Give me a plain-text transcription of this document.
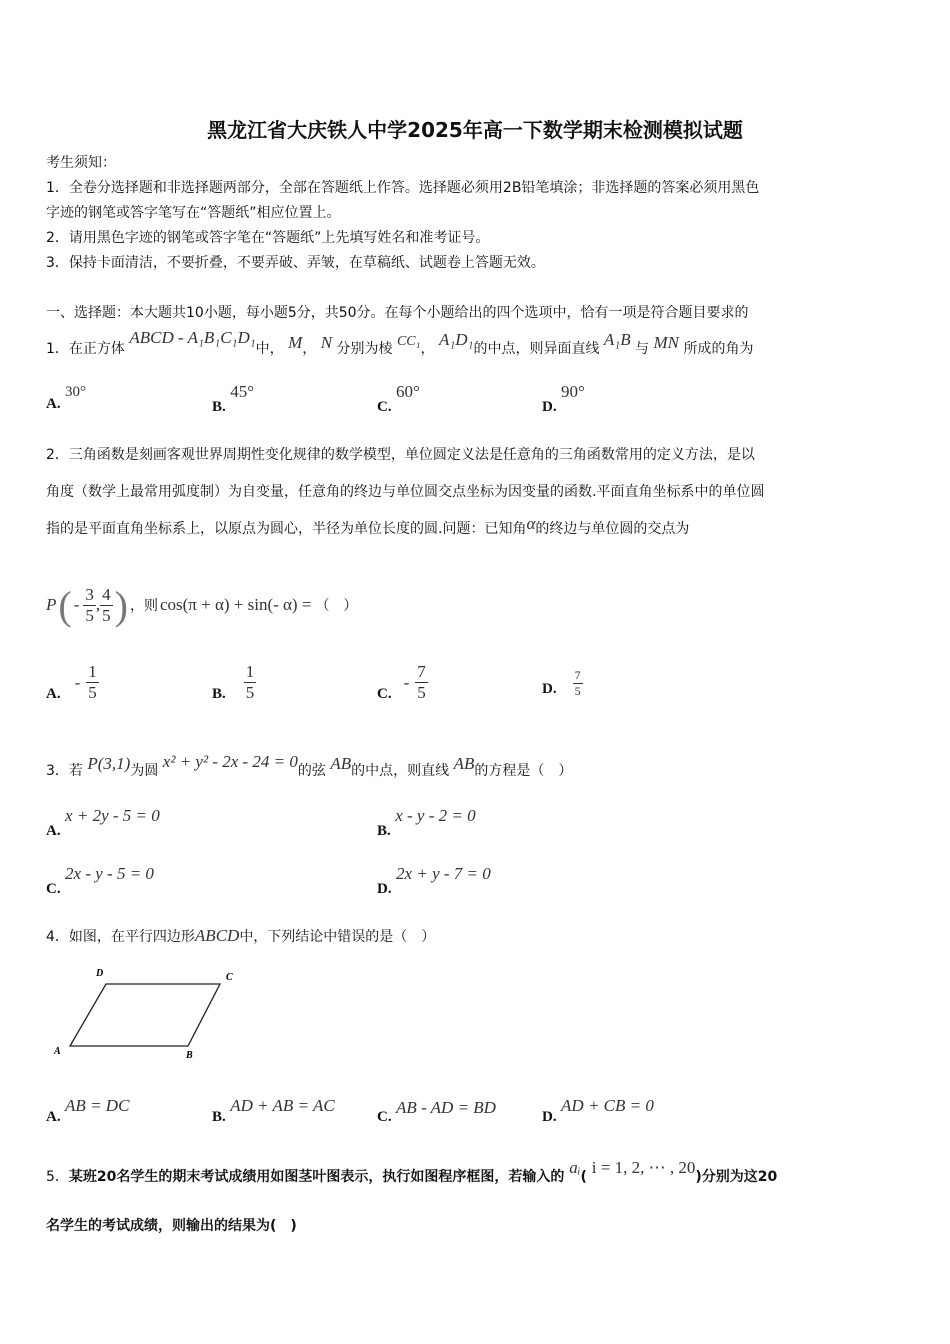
黑龙江省大庆铁人中学2025年高一下数学期末检测模拟试题
考生须知：
1．全卷分选择题和非选择题两部分，全部在答题纸上作答。选择题必须用2B铅笔填涂；非选择题的答案必须用黑色
字迹的钢笔或答字笔写在“答题纸”相应位置上。
2．请用黑色字迹的钢笔或答字笔在“答题纸”上先填写姓名和准考证号。
3．保持卡面清洁，不要折叠，不要弄破、弄皱，在草稿纸、试题卷上答题无效。
一、选择题：本大题共10小题，每小题5分，共50分。在每个小题给出的四个选项中，恰有一项是符合题目要求的
1．在正方体 ABCD - A₁B₁C₁D₁中， M， N 分别为棱 CC₁， A₁D₁的中点，则异面直线 A₁B 与 MN 所成的角为
A. 30°
B. 45°
C. 60°
D. 90°
2．三角函数是刻画客观世界周期性变化规律的数学模型，单位圆定义法是任意角的三角函数常用的定义方法，是以
角度（数学上最常用弧度制）为自变量，任意角的终边与单位圆交点坐标为因变量的函数.平面直角坐标系中的单位圆
指的是平面直角坐标系上，以原点为圆心，半径为单位长度的圆.问题：已知角α的终边与单位圆的交点为
P ( - $\frac{3}{5}$ , $\frac{4}{5}$ ) ，则 cos(π + α) + sin(- α) = （　）
A.
- $\frac{1}{5}$	B. $\frac{1}{5}$	C.
- $\frac{7}{5}$	D. $\frac{7}{5}$
3．若 P(3,1)为圆 x² + y² - 2x - 24 = 0的弦 AB的中点，则直线 AB的方程是（　）
A. x + 2y - 5 = 0
B. x - y - 2 = 0
C. 2x - y - 5 = 0
D. 2x + y - 7 = 0
4．如图，在平行四边形ABCD中，下列结论中错误的是（　）
A	B
C
D
A. AB = DC
B. AD + AB = AC
C. AB - AD = BD	D. AD + CB = 0
5．某班20名学生的期末考试成绩用如图茎叶图表示，执行如图程序框图，若输入的 aᵢ( i = 1, 2, ⋯ , 20)分别为这20
名学生的考试成绩，则输出的结果为(　)
